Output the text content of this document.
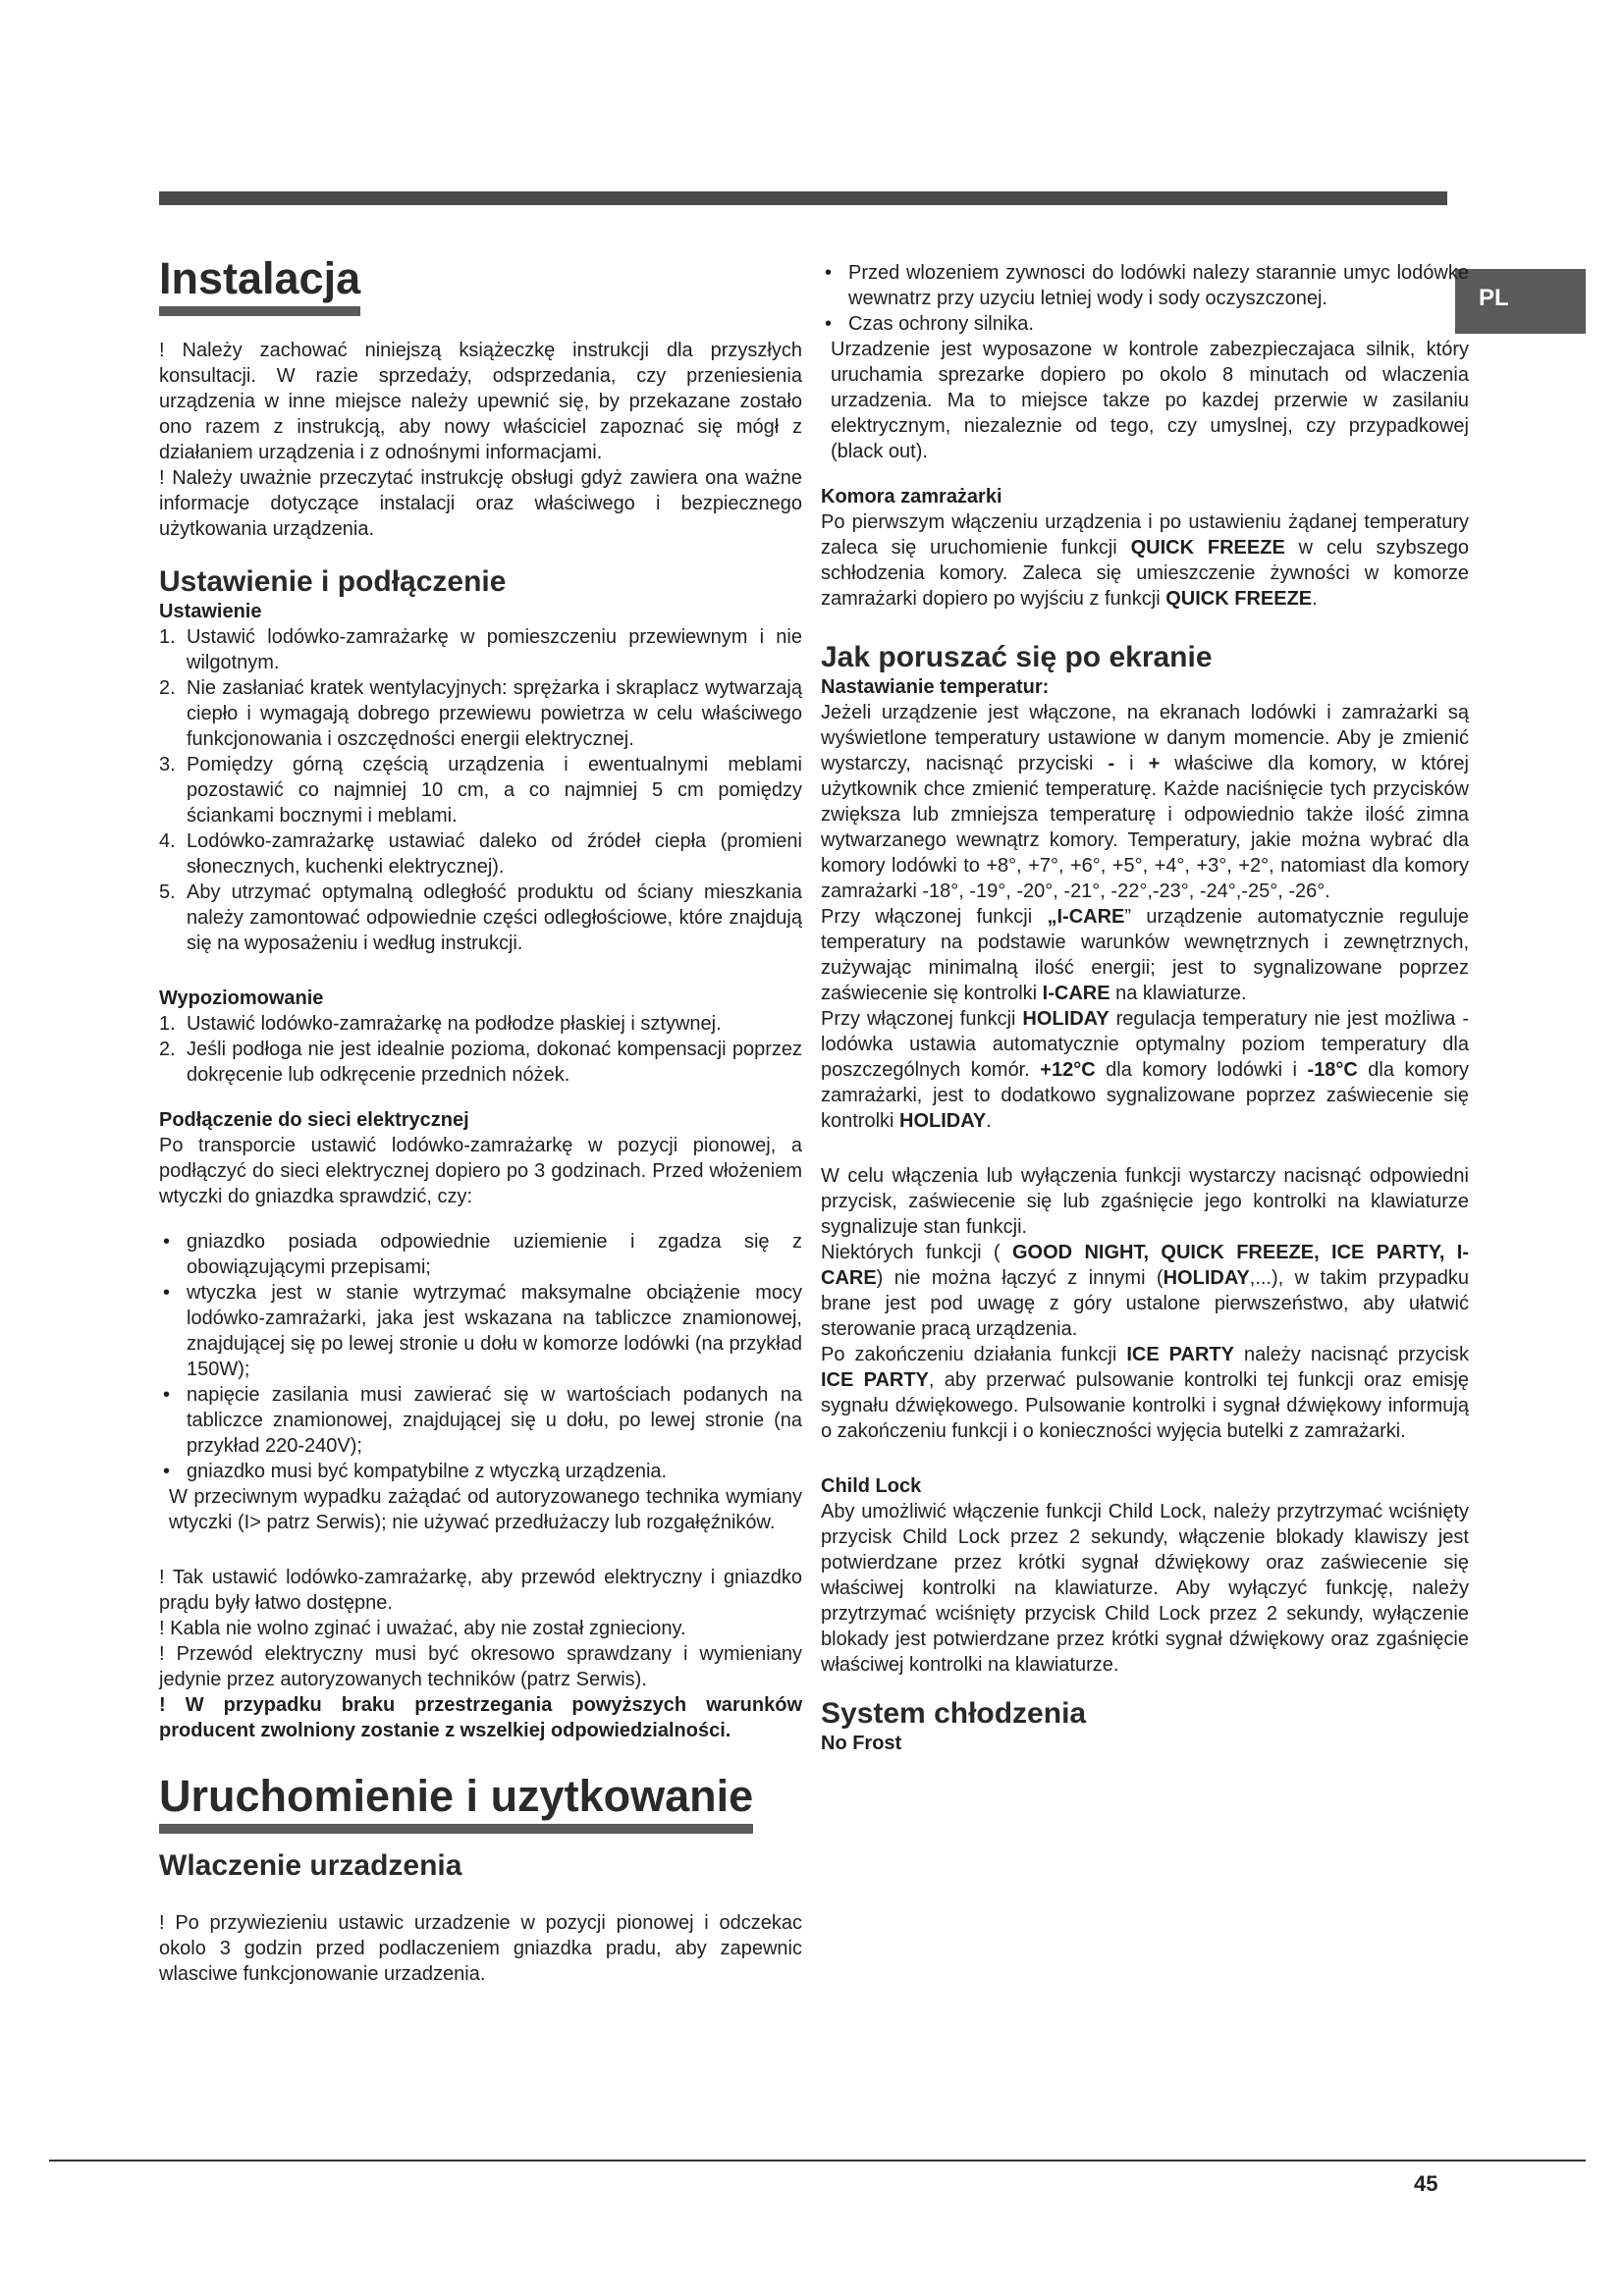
PL
Instalacja

! Należy zachować niniejszą książeczkę instrukcji dla przyszłych konsultacji. W razie sprzedaży, odsprzedania, czy przeniesienia urządzenia w inne miejsce należy upewnić się, by przekazane zostało ono razem z instrukcją, aby nowy właściciel zapoznać się mógł z działaniem urządzenia i z odnośnymi informacjami.

! Należy uważnie przeczytać instrukcję obsługi gdyż zawiera ona ważne informacje dotyczące instalacji oraz właściwego i bezpiecznego użytkowania urządzenia.

Ustawienie i podłączenie
Ustawienie
1. Ustawić lodówko-zamrażarkę w pomieszczeniu przewiewnym i nie wilgotnym.
2. Nie zasłaniać kratek wentylacyjnych: sprężarka i skraplacz wytwarzają ciepło i wymagają dobrego przewiewu powietrza w celu właściwego funkcjonowania i oszczędności energii elektrycznej.
3. Pomiędzy górną częścią urządzenia i ewentualnymi meblami pozostawić co najmniej 10 cm, a co najmniej 5 cm pomiędzy ściankami bocznymi i meblami.
4. Lodówko-zamrażarkę ustawiać daleko od źródeł ciepła (promieni słonecznych, kuchenki elektrycznej).
5. Aby utrzymać optymalną odległość produktu od ściany mieszkania należy zamontować odpowiednie części odległościowe, które znajdują się na wyposażeniu i według instrukcji.
Wypoziomowanie
1. Ustawić lodówko-zamrażarkę na podłodze płaskiej i sztywnej.
2. Jeśli podłoga nie jest idealnie pozioma, dokonać kompensacji poprzez dokręcenie lub odkręcenie przednich nóżek.
Podłączenie do sieci elektrycznej

Po transporcie ustawić lodówko-zamrażarkę w pozycji pionowej, a podłączyć do sieci elektrycznej dopiero po 3 godzinach. Przed włożeniem wtyczki do gniazdka sprawdzić, czy:

• gniazdko posiada odpowiednie uziemienie i zgadza się z obowiązującymi przepisami;
• wtyczka jest w stanie wytrzymać maksymalne obciążenie mocy lodówko-zamrażarki, jaka jest wskazana na tabliczce znamionowej, znajdującej się po lewej stronie u dołu w komorze lodówki (na przykład 150W);
• napięcie zasilania musi zawierać się w wartościach podanych na tabliczce znamionowej, znajdującej się u dołu, po lewej stronie (na przykład 220-240V);
• gniazdko musi być kompatybilne z wtyczką urządzenia.

W przeciwnym wypadku zażądać od autoryzowanego technika wymiany wtyczki (I> patrz Serwis); nie używać przedłużaczy lub rozgałęźników.

! Tak ustawić lodówko-zamrażarkę, aby przewód elektryczny i gniazdko prądu były łatwo dostępne.

! Kabla nie wolno zginać i uważać, aby nie został zgnieciony.

! Przewód elektryczny musi być okresowo sprawdzany i wymieniany jedynie przez autoryzowanych techników (patrz Serwis).

! W przypadku braku przestrzegania powyższych warunków producent zwolniony zostanie z wszelkiej odpowiedzialności.

Uruchomienie i uzytkowanie
Wlaczenie urzadzenia

! Po przywiezieniu ustawic urzadzenie w pozycji pionowej i odczekac okolo 3 godzin przed podlaczeniem gniazdka pradu, aby zapewnic wlasciwe funkcjonowanie urzadzenia.

• Przed wlozeniem zywnosci do lodówki nalezy starannie umyc lodówke wewnatrz przy uzyciu letniej wody i sody oczyszczonej.
• Czas ochrony silnika.

Urzadzenie jest wyposazone w kontrole zabezpieczajaca silnik, który uruchamia sprezarke dopiero po okolo 8 minutach od wlaczenia urzadzenia. Ma to miejsce takze po kazdej przerwie w zasilaniu elektrycznym, niezaleznie od tego, czy umyslnej, czy przypadkowej (black out).

Komora zamrażarki

Po pierwszym włączeniu urządzenia i po ustawieniu żądanej temperatury zaleca się uruchomienie funkcji QUICK FREEZE w celu szybszego schłodzenia komory. Zaleca się umieszczenie żywności w komorze zamrażarki dopiero po wyjściu z funkcji QUICK FREEZE.

Jak poruszać się po ekranie
Nastawianie temperatur:

Jeżeli urządzenie jest włączone, na ekranach lodówki i zamrażarki są wyświetlone temperatury ustawione w danym momencie. Aby je zmienić wystarczy, nacisnąć przyciski - i + właściwe dla komory, w której użytkownik chce zmienić temperaturę. Każde naciśnięcie tych przycisków zwiększa lub zmniejsza temperaturę i odpowiednio także ilość zimna wytwarzanego wewnątrz komory. Temperatury, jakie można wybrać dla komory lodówki to +8°, +7°, +6°, +5°, +4°, +3°, +2°, natomiast dla komory zamrażarki -18°, -19°, -20°, -21°, -22°,-23°, -24°,-25°, -26°.

Przy włączonej funkcji „I-CARE” urządzenie automatycznie reguluje temperatury na podstawie warunków wewnętrznych i zewnętrznych, zużywając minimalną ilość energii; jest to sygnalizowane poprzez zaświecenie się kontrolki I-CARE na klawiaturze.

Przy włączonej funkcji HOLIDAY regulacja temperatury nie jest możliwa - lodówka ustawia automatycznie optymalny poziom temperatury dla poszczególnych komór. +12°C dla komory lodówki i -18°C dla komory zamrażarki, jest to dodatkowo sygnalizowane poprzez zaświecenie się kontrolki HOLIDAY.

W celu włączenia lub wyłączenia funkcji wystarczy nacisnąć odpowiedni przycisk, zaświecenie się lub zgaśnięcie jego kontrolki na klawiaturze sygnalizuje stan funkcji.

Niektórych funkcji ( GOOD NIGHT, QUICK FREEZE, ICE PARTY, I-CARE) nie można łączyć z innymi (HOLIDAY,...), w takim przypadku brane jest pod uwagę z góry ustalone pierwszeństwo, aby ułatwić sterowanie pracą urządzenia.

Po zakończeniu działania funkcji ICE PARTY należy nacisnąć przycisk ICE PARTY, aby przerwać pulsowanie kontrolki tej funkcji oraz emisję sygnału dźwiękowego. Pulsowanie kontrolki i sygnał dźwiękowy informują o zakończeniu funkcji i o konieczności wyjęcia butelki z zamrażarki.

Child Lock

Aby umożliwić włączenie funkcji Child Lock, należy przytrzymać wciśnięty przycisk Child Lock przez 2 sekundy, włączenie blokady klawiszy jest potwierdzane przez krótki sygnał dźwiękowy oraz zaświecenie się właściwej kontrolki na klawiaturze. Aby wyłączyć funkcję, należy przytrzymać wciśnięty przycisk Child Lock przez 2 sekundy, wyłączenie blokady jest potwierdzane przez krótki sygnał dźwiękowy oraz zgaśnięcie właściwej kontrolki na klawiaturze.

System chłodzenia
No Frost
45
